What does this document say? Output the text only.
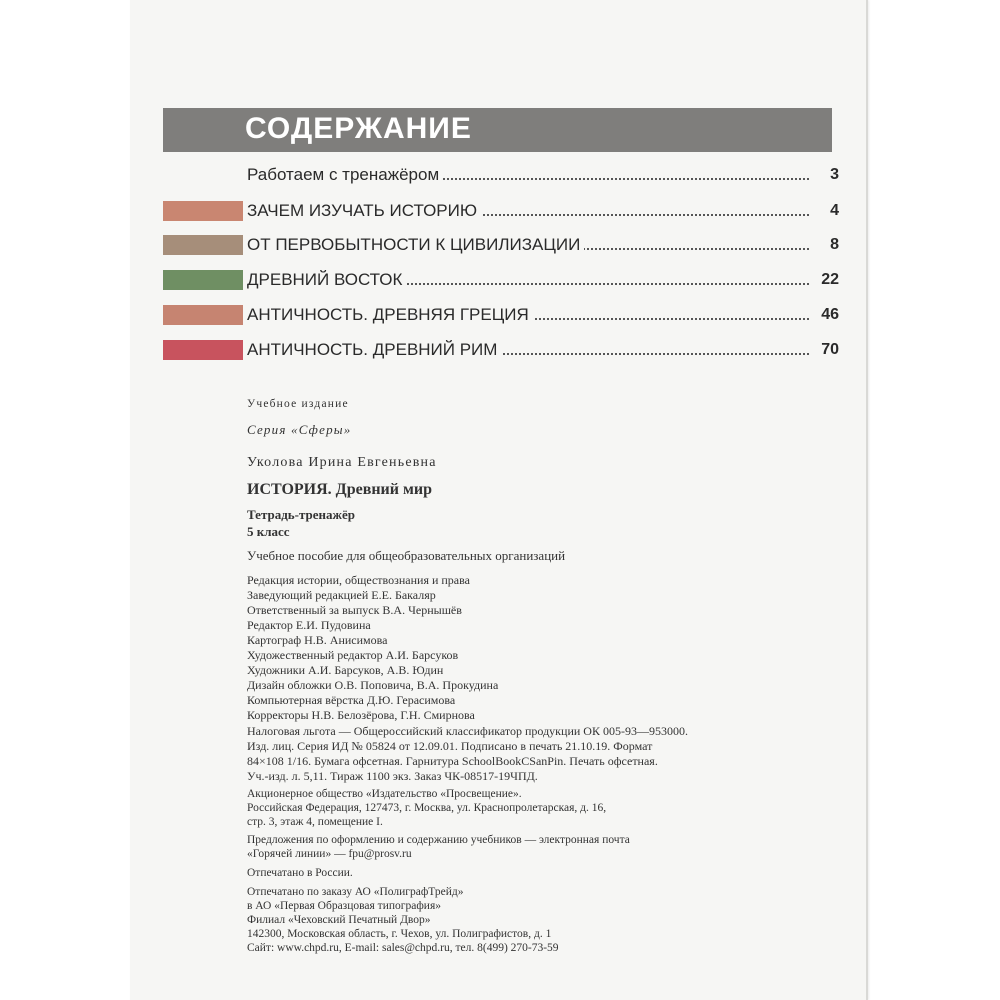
СОДЕРЖАНИЕ
Работаем с тренажёром	3
ЗАЧЕМ ИЗУЧАТЬ ИСТОРИЮ	4
ОТ ПЕРВОБЫТНОСТИ К ЦИВИЛИЗАЦИИ	8
ДРЕВНИЙ ВОСТОК	22
АНТИЧНОСТЬ. ДРЕВНЯЯ ГРЕЦИЯ	46
АНТИЧНОСТЬ. ДРЕВНИЙ РИМ	70
Учебное издание
Серия «Сферы»
Уколова Ирина Евгеньевна
ИСТОРИЯ. Древний мир
Тетрадь-тренажёр
5 класс
Учебное пособие для общеобразовательных организаций
Редакция истории, обществознания и права
Заведующий редакцией Е.Е. Бакаляр
Ответственный за выпуск В.А. Чернышёв
Редактор Е.И. Пудовина
Картограф Н.В. Анисимова
Художественный редактор А.И. Барсуков
Художники А.И. Барсуков, А.В. Юдин
Дизайн обложки О.В. Поповича, В.А. Прокудина
Компьютерная вёрстка Д.Ю. Герасимова
Корректоры Н.В. Белозёрова, Г.Н. Смирнова
Налоговая льгота — Общероссийский классификатор продукции ОК 005-93—953000.
Изд. лиц. Серия ИД № 05824 от 12.09.01. Подписано в печать 21.10.19. Формат
84×108 1/16. Бумага офсетная. Гарнитура SchoolBookCSanPin. Печать офсетная.
Уч.-изд. л. 5,11. Тираж 1100 экз. Заказ ЧК-08517-19ЧПД.
Акционерное общество «Издательство «Просвещение».
Российская Федерация, 127473, г. Москва, ул. Краснопролетарская, д. 16,
стр. 3, этаж 4, помещение I.
Предложения по оформлению и содержанию учебников — электронная почта
«Горячей линии» — fpu@prosv.ru
Отпечатано в России.
Отпечатано по заказу АО «ПолиграфТрейд»
в АО «Первая Образцовая типография»
Филиал «Чеховский Печатный Двор»
142300, Московская область, г. Чехов, ул. Полиграфистов, д. 1
Сайт: www.chpd.ru, E-mail: sales@chpd.ru, тел. 8(499) 270-73-59
